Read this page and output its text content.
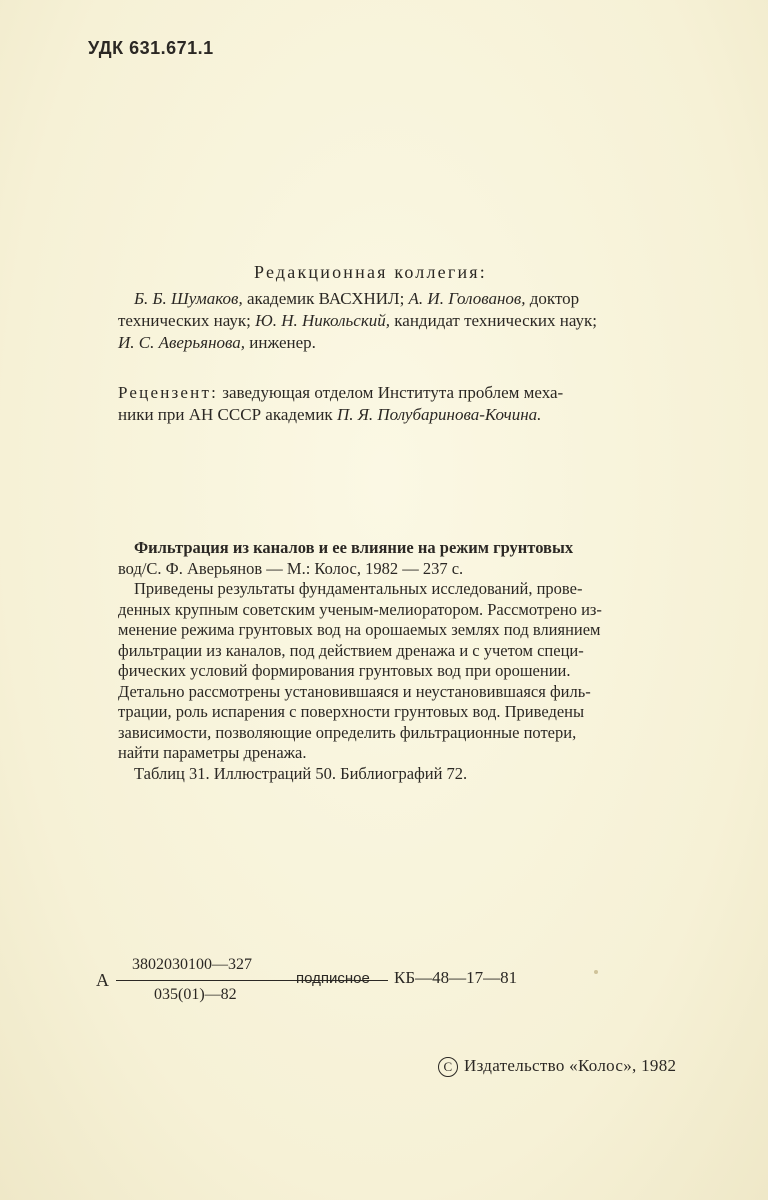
УДК 631.671.1
Редакционная коллегия:
Б. Б. Шумаков, академик ВАСХНИЛ; А. И. Голованов, доктор
технических наук; Ю. Н. Никольский, кандидат технических наук;
И. С. Аверьянова, инженер.
Рецензент: заведующая отделом Института проблем меха-
ники при АН СССР академик П. Я. Полубаринова-Кочина.
Фильтрация из каналов и ее влияние на режим грунтовых
вод/С. Ф. Аверьянов — М.: Колос, 1982 — 237 с.
Приведены результаты фундаментальных исследований, прове-
денных крупным советским ученым-мелиоратором. Рассмотрено из-
менение режима грунтовых вод на орошаемых землях под влиянием
фильтрации из каналов, под действием дренажа и с учетом специ-
фических условий формирования грунтовых вод при орошении.
Детально рассмотрены установившаяся и неустановившаяся филь-
трации, роль испарения с поверхности грунтовых вод. Приведены
зависимости, позволяющие определить фильтрационные потери,
найти параметры дренажа.
Таблиц 31. Иллюстраций 50. Библиографий 72.
А
3802030100—327
035(01)—82
подписное КБ—48—17—81
C Издательство «Колос», 1982
